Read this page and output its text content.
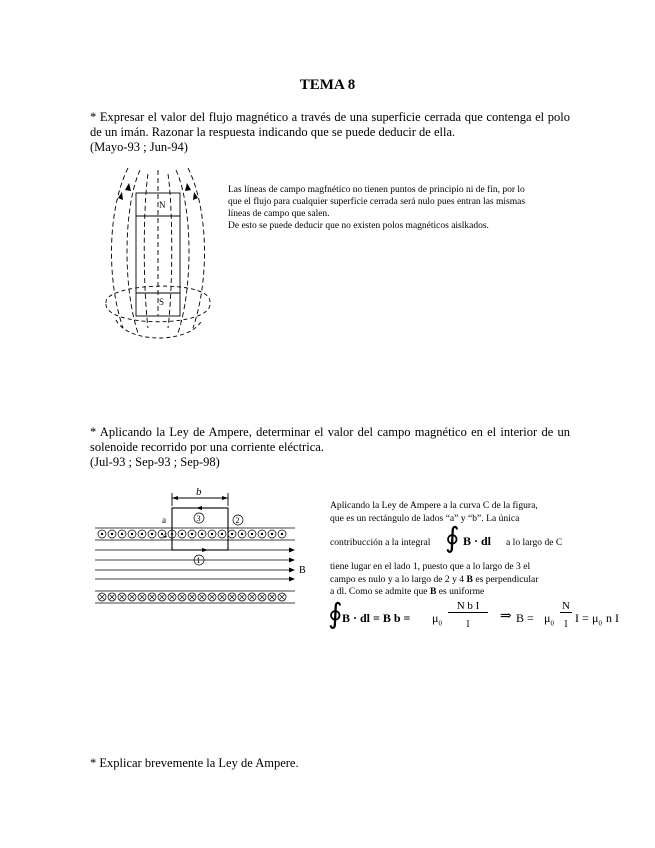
TEMA 8
* Expresar el valor del flujo magnético a través de una superficie cerrada que contenga el polo de un imán. Razonar la respuesta indicando que se puede deducir de ella.
(Mayo-93 ; Jun-94)
N
S
Las líneas de campo magfnético no tienen puntos de principio ni de fin, por lo
que el flujo para cualquier superficie cerrada será nulo pues entran las mismas
líneas de campo que salen.
De esto se puede deducir que no existen polos magnéticos aislkados.
* Aplicando la Ley de Ampere, determinar el valor del campo magnético en el interior de un solenoide recorrido por una corriente eléctrica.
(Jul-93 ; Sep-93 ; Sep-98)
b
a	3	2
4
1
B
Aplicando la Ley de Ampere a la curva C de la figura,
que es un rectángulo de lados “a” y “b”. La única
contribucción a la integral ∮ B · dl a lo largo de C
tiene lugar en el lado 1, puesto que a lo largo de 3 el
campo es nulo y a lo largo de 2 y 4 B es perpendicular
a dl. Como se admite que B es uniforme
∮ B · dl = B $b = \mu_0$
N b I
l	⇒ $B = \mu_0$
N
l $I = \mu_0$ n I
* Explicar brevemente la Ley de Ampere.
